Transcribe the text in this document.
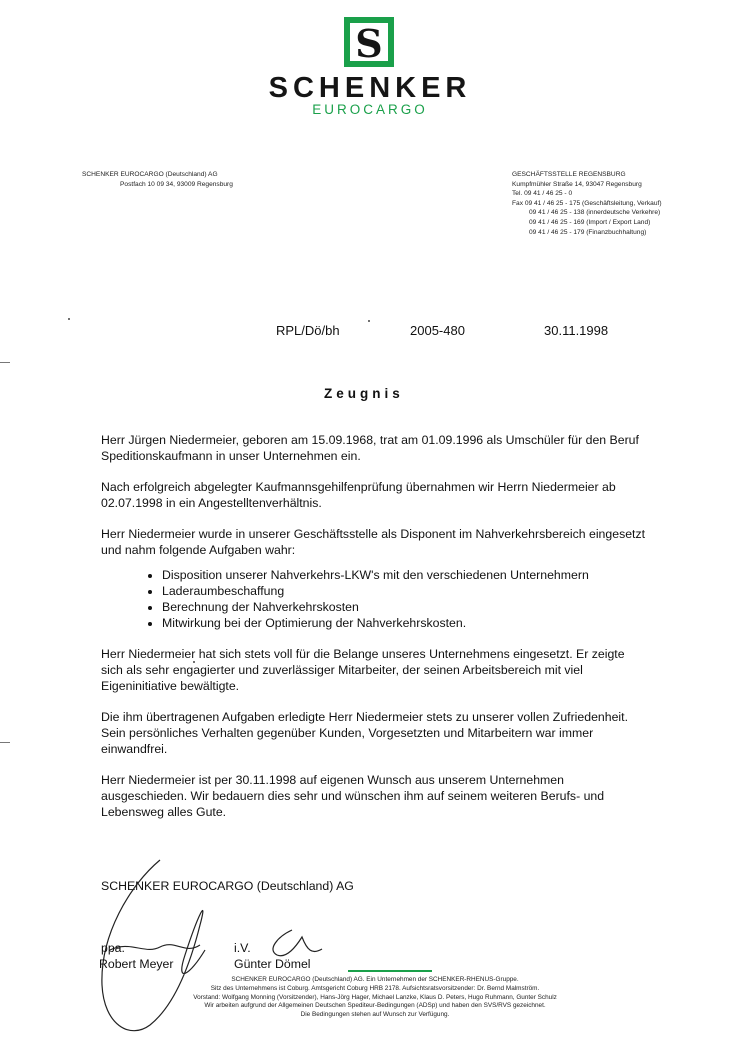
S
SCHENKER
EUROCARGO
SCHENKER EUROCARGO (Deutschland) AG
Postfach 10 09 34, 93009 Regensburg
GESCHÄFTSSTELLE REGENSBURG
Kumpfmühler Straße 14, 93047 Regensburg
Tel. 09 41 / 46 25 - 0
Fax 09 41 / 46 25 - 175 (Geschäftsleitung, Verkauf)
09 41 / 46 25 - 138 (innerdeutsche Verkehre)
09 41 / 46 25 - 169 (Import / Export Land)
09 41 / 46 25 - 179 (Finanzbuchhaltung)
RPL/Dö/bh	2005-480	30.11.1998
Zeugnis

Herr Jürgen Niedermeier, geboren am 15.09.1968, trat am 01.09.1996 als Umschüler für den Beruf Speditionskaufmann in unser Unternehmen ein.

Nach erfolgreich abgelegter Kaufmannsgehilfenprüfung übernahmen wir Herrn Niedermeier ab 02.07.1998 in ein Angestelltenverhältnis.

Herr Niedermeier wurde in unserer Geschäftsstelle als Disponent im Nahverkehrsbereich eingesetzt und nahm folgende Aufgaben wahr:

• Disposition unserer Nahverkehrs-LKW's mit den verschiedenen Unternehmern
• Laderaumbeschaffung
• Berechnung der Nahverkehrskosten
• Mitwirkung bei der Optimierung der Nahverkehrskosten.

Herr Niedermeier hat sich stets voll für die Belange unseres Unternehmens eingesetzt. Er zeigte sich als sehr engagierter und zuverlässiger Mitarbeiter, der seinen Arbeitsbereich mit viel Eigeninitiative bewältigte.

Die ihm übertragenen Aufgaben erledigte Herr Niedermeier stets zu unserer vollen Zufriedenheit. Sein persönliches Verhalten gegenüber Kunden, Vorgesetzten und Mitarbeitern war immer einwandfrei.

Herr Niedermeier ist per 30.11.1998 auf eigenen Wunsch aus unserem Unternehmen ausgeschieden. Wir bedauern dies sehr und wünschen ihm auf seinem weiteren Berufs- und Lebensweg alles Gute.

SCHENKER EUROCARGO (Deutschland) AG
ppa.
Robert Meyer
i.V.
Günter Dömel
SCHENKER EUROCARGO (Deutschland) AG. Ein Unternehmen der SCHENKER-RHENUS-Gruppe.
Sitz des Unternehmens ist Coburg. Amtsgericht Coburg HRB 2178. Aufsichtsratsvorsitzender: Dr. Bernd Malmström.
Vorstand: Wolfgang Monning (Vorsitzender), Hans-Jörg Hager, Michael Lanzke, Klaus D. Peters, Hugo Ruhmann, Gunter Schulz
Wir arbeiten aufgrund der Allgemeinen Deutschen Spediteur-Bedingungen (ADSp) und haben den SVS/RVS gezeichnet.
Die Bedingungen stehen auf Wunsch zur Verfügung.
